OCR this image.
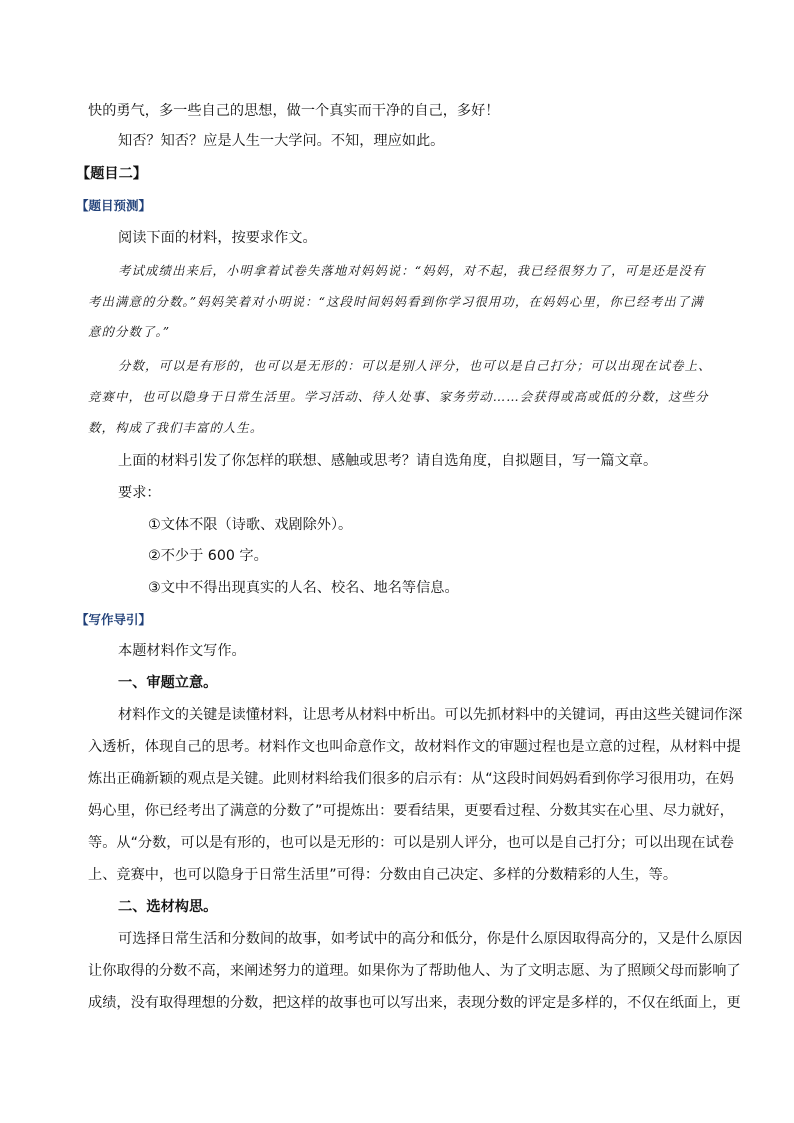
快的勇气，多一些自己的思想，做一个真实而干净的自己，多好！
知否？知否？应是人生一大学问。不知，理应如此。
【题目二】
【题目预测】
阅读下面的材料，按要求作文。
考试成绩出来后，小明拿着试卷失落地对妈妈说：“妈妈，对不起，我已经很努力了，可是还是没有
考出满意的分数。”妈妈笑着对小明说：“这段时间妈妈看到你学习很用功，在妈妈心里，你已经考出了满
意的分数了。”
分数，可以是有形的，也可以是无形的：可以是别人评分，也可以是自己打分；可以出现在试卷上、
竞赛中，也可以隐身于日常生活里。学习活动、待人处事、家务劳动……会获得或高或低的分数，这些分
数，构成了我们丰富的人生。
上面的材料引发了你怎样的联想、感触或思考？请自选角度，自拟题目，写一篇文章。
要求：
①文体不限（诗歌、戏剧除外）。
②不少于 600 字。
③文中不得出现真实的人名、校名、地名等信息。
【写作导引】
本题材料作文写作。
一、审题立意。
材料作文的关键是读懂材料，让思考从材料中析出。可以先抓材料中的关键词，再由这些关键词作深
入透析，体现自己的思考。材料作文也叫命意作文，故材料作文的审题过程也是立意的过程，从材料中提
炼出正确新颖的观点是关键。此则材料给我们很多的启示有：从“这段时间妈妈看到你学习很用功，在妈
妈心里，你已经考出了满意的分数了”可提炼出：要看结果，更要看过程、分数其实在心里、尽力就好，
等。从“分数，可以是有形的，也可以是无形的：可以是别人评分，也可以是自己打分；可以出现在试卷
上、竞赛中，也可以隐身于日常生活里”可得：分数由自己决定、多样的分数精彩的人生，等。
二、选材构思。
可选择日常生活和分数间的故事，如考试中的高分和低分，你是什么原因取得高分的，又是什么原因
让你取得的分数不高，来阐述努力的道理。如果你为了帮助他人、为了文明志愿、为了照顾父母而影响了
成绩，没有取得理想的分数，把这样的故事也可以写出来，表现分数的评定是多样的，不仅在纸面上，更
